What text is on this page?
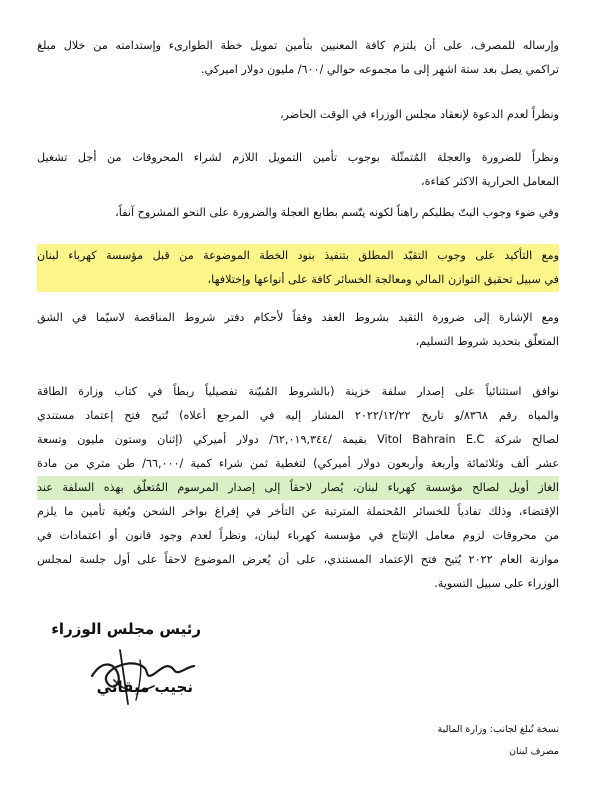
وإرساله للمصرف، على أن يلتزم كافة المعنيين بتأمين تمويل خطة الطوارىء وإستدامته من خلال مبلغ
تراكمي يصل بعد ستة اشهر إلى ما مجموعه حوالي /٦٠٠/ مليون دولار اميركي.
ونظراً لعدم الدعوة لإنعقاد مجلس الوزراء في الوقت الحاضر،
ونظراً للضرورة والعجلة المُتمثّلة بوجوب تأمين التمويل اللازم لشراء المحروقات من أجل تشغيل
المعامل الحرارية الاكثر كفاءة،
وفي ضوء وجوب البتّ بطلبكم راهناً لكونه يتّسم بطابع العجلة والضرورة على النحو المشروح آنفاً،
ومع التأكيد على وجوب التقيّد المطلق بتنفيذ بنود الخطة الموضوعة من قبل مؤسسة كهرباء لبنان
في سبيل تحقيق التوازن المالي ومعالجة الخسائر كافة على أنواعها وإختلافها،
ومع الإشارة إلى ضرورة التقيد بشروط العقد وفقاً لأحكام دفتر شروط المناقصة لاسيّما في الشق
المتعلّق بتحديد شروط التسليم،
نوافق استثنائياً على إصدار سلفة خزينة (بالشروط المُبيّنة تفصيلياً ربطاً في كتاب وزارة الطاقة
والمياه رقم ٨٣٦٨/و تاريخ ٢٠٢٢/١٢/٢٢ المشار إليه في المرجع أعلاه) تُتيح فتح إعتماد مستندي
لصالح شركة Vitol Bahrain E.C بقيمة /٦٢,٠١٩,٣٤٤/ دولار أميركي (إثنان وستون مليون وتسعة
عشر ألف وثلاثمائة وأربعة وأربعون دولار أميركي) لتغطية ثمن شراء كمية /٦٦,٠٠٠/ طن متري من مادة
الغاز أويل لصالح مؤسسة كهرباء لبنان، يُصار لاحقاً إلى إصدار المرسوم المُتعلّق بهذه السلفة عند
الإقتضاء، وذلك تفادياً للخسائر المُحتملة المترتبة عن التأخر في إفراغ بواخر الشحن وبُغية تأمين ما يلزم
من محروقات لزوم معامل الإنتاج في مؤسسة كهرباء لبنان، ونظراً لعدم وجود قانون أو اعتمادات في
موازنة العام ٢٠٢٢ يُتيح فتح الإعتماد المستندي، على أن يُعرض الموضوع لاحقاً على أول جلسة لمجلس
الوزراء على سبيل التسوية.
رئيس مجلس الوزراء
نجيب ميقاتي
نسخة تُبلغ لجانب: وزارة المالية
مصرف لبنان
